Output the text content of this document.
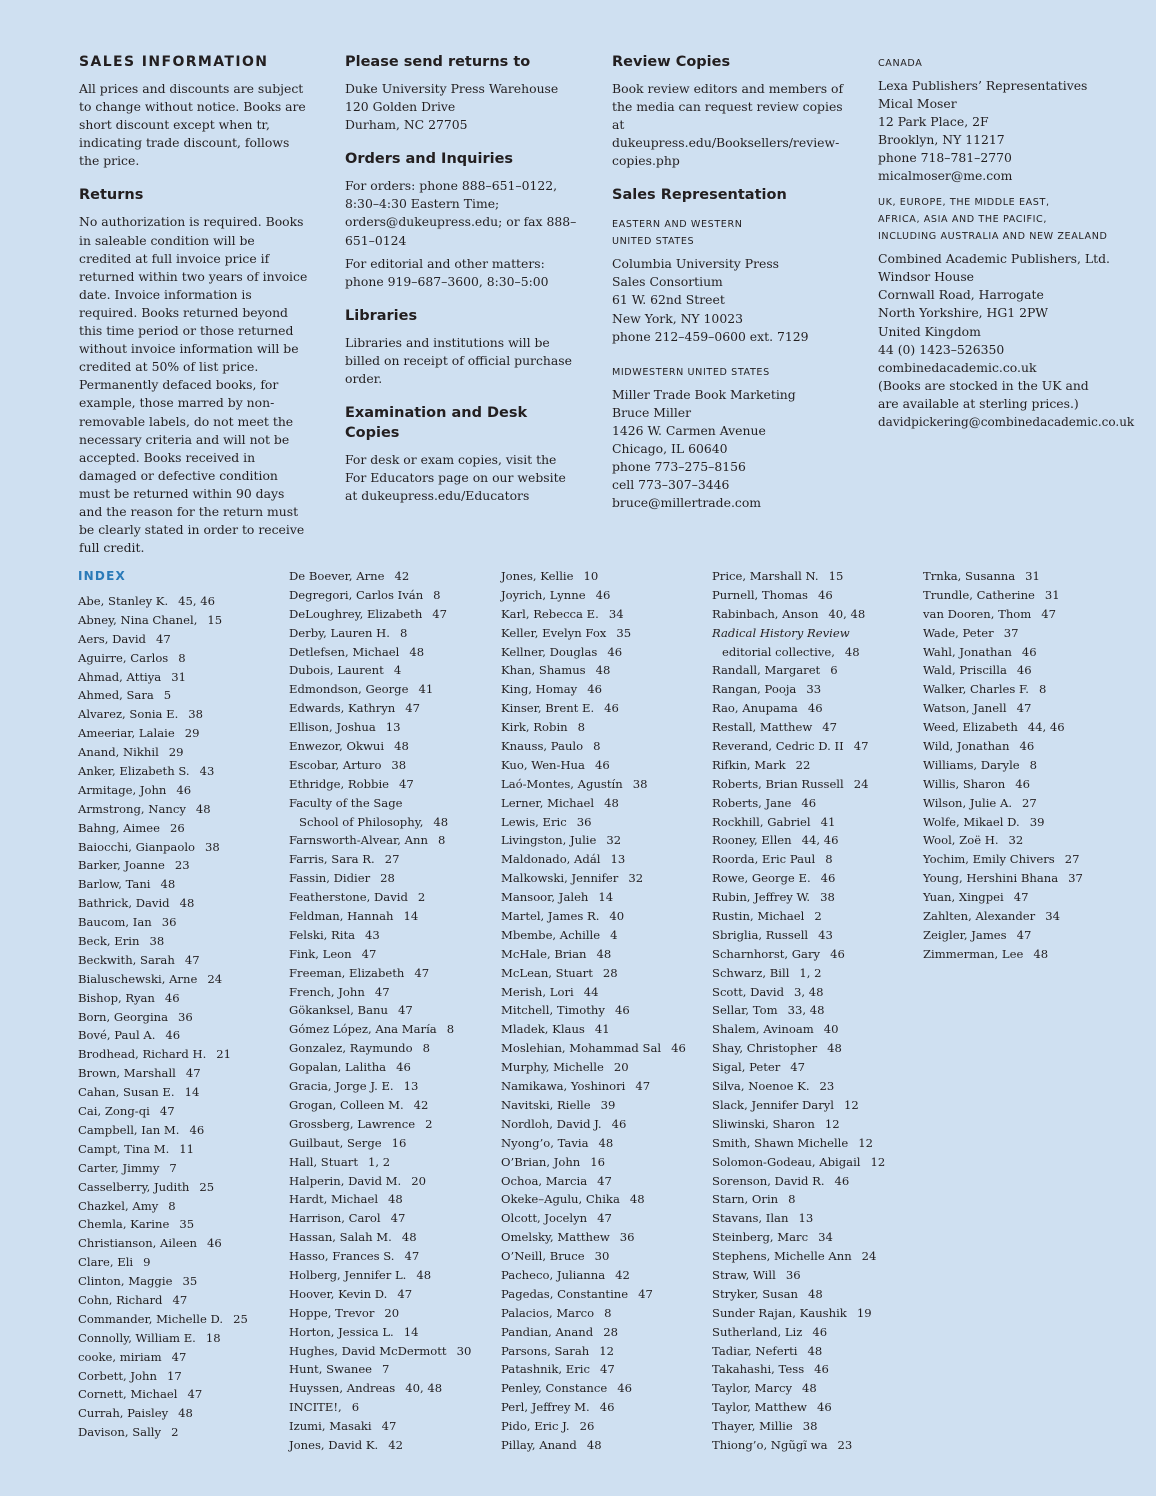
SALES INFORMATION

All prices and discounts are subject to change without notice. Books are short discount except when tr, indicating trade discount, follows the price.

Returns

No authorization is required. Books in saleable condition will be credited at full invoice price if returned within two years of invoice date. Invoice information is required. Books returned beyond this time period or those returned without invoice information will be credited at 50% of list price. Permanently defaced books, for example, those marred by non-removable labels, do not meet the necessary criteria and will not be accepted. Books received in damaged or defective condition must be returned within 90 days and the reason for the return must be clearly stated in order to receive full credit.

Please send returns to

Duke University Press Warehouse

120 Golden Drive

Durham, NC 27705

Orders and Inquiries

For orders: phone 888–651–0122, 8:30–4:30 Eastern Time; orders@dukeupress.edu; or fax 888–651–0124

For editorial and other matters: phone 919–687–3600, 8:30–5:00

Libraries

Libraries and institutions will be billed on receipt of official purchase order.

Examination and Desk Copies

For desk or exam copies, visit the For Educators page on our website at dukeupress.edu/Educators

Review Copies

Book review editors and members of the media can request review copies at dukeupress.edu/Booksellers/review-copies.php

Sales Representation
EASTERN AND WESTERN
UNITED STATES

Columbia University Press

Sales Consortium

61 W. 62nd Street

New York, NY 10023

phone 212–459–0600 ext. 7129

MIDWESTERN UNITED STATES

Miller Trade Book Marketing

Bruce Miller

1426 W. Carmen Avenue

Chicago, IL 60640

phone 773–275–8156

cell 773–307–3446

bruce@millertrade.com

CANADA

Lexa Publishers’ Representatives

Mical Moser

12 Park Place, 2F

Brooklyn, NY 11217

phone 718–781–2770

micalmoser@me.com

UK, EUROPE, THE MIDDLE EAST,
AFRICA, ASIA AND THE PACIFIC,
INCLUDING AUSTRALIA AND NEW ZEALAND

Combined Academic Publishers, Ltd.

Windsor House

Cornwall Road, Harrogate

North Yorkshire, HG1 2PW

United Kingdom

44 (0) 1423–526350

combinedacademic.co.uk

(Books are stocked in the UK and

are available at sterling prices.)

davidpickering@combinedacademic.co.uk

INDEX
Abe, Stanley K. 45, 46
Abney, Nina Chanel, 15
Aers, David 47
Aguirre, Carlos 8
Ahmad, Attiya 31
Ahmed, Sara 5
Alvarez, Sonia E. 38
Ameeriar, Lalaie 29
Anand, Nikhil 29
Anker, Elizabeth S. 43
Armitage, John 46
Armstrong, Nancy 48
Bahng, Aimee 26
Baiocchi, Gianpaolo 38
Barker, Joanne 23
Barlow, Tani 48
Bathrick, David 48
Baucom, Ian 36
Beck, Erin 38
Beckwith, Sarah 47
Bialuschewski, Arne 24
Bishop, Ryan 46
Born, Georgina 36
Bové, Paul A. 46
Brodhead, Richard H. 21
Brown, Marshall 47
Cahan, Susan E. 14
Cai, Zong-qi 47
Campbell, Ian M. 46
Campt, Tina M. 11
Carter, Jimmy 7
Casselberry, Judith 25
Chazkel, Amy 8
Chemla, Karine 35
Christianson, Aileen 46
Clare, Eli 9
Clinton, Maggie 35
Cohn, Richard 47
Commander, Michelle D. 25
Connolly, William E. 18
cooke, miriam 47
Corbett, John 17
Cornett, Michael 47
Currah, Paisley 48
Davison, Sally 2
De Boever, Arne 42
Degregori, Carlos Iván 8
DeLoughrey, Elizabeth 47
Derby, Lauren H. 8
Detlefsen, Michael 48
Dubois, Laurent 4
Edmondson, George 41
Edwards, Kathryn 47
Ellison, Joshua 13
Enwezor, Okwui 48
Escobar, Arturo 38
Ethridge, Robbie 47
Faculty of the Sage
School of Philosophy, 48
Farnsworth-Alvear, Ann 8
Farris, Sara R. 27
Fassin, Didier 28
Featherstone, David 2
Feldman, Hannah 14
Felski, Rita 43
Fink, Leon 47
Freeman, Elizabeth 47
French, John 47
Gökanksel, Banu 47
Gómez López, Ana María 8
Gonzalez, Raymundo 8
Gopalan, Lalitha 46
Gracia, Jorge J. E. 13
Grogan, Colleen M. 42
Grossberg, Lawrence 2
Guilbaut, Serge 16
Hall, Stuart 1, 2
Halperin, David M. 20
Hardt, Michael 48
Harrison, Carol 47
Hassan, Salah M. 48
Hasso, Frances S. 47
Holberg, Jennifer L. 48
Hoover, Kevin D. 47
Hoppe, Trevor 20
Horton, Jessica L. 14
Hughes, David McDermott 30
Hunt, Swanee 7
Huyssen, Andreas 40, 48
INCITE!, 6
Izumi, Masaki 47
Jones, David K. 42
Jones, Kellie 10
Joyrich, Lynne 46
Karl, Rebecca E. 34
Keller, Evelyn Fox 35
Kellner, Douglas 46
Khan, Shamus 48
King, Homay 46
Kinser, Brent E. 46
Kirk, Robin 8
Knauss, Paulo 8
Kuo, Wen-Hua 46
Laó-Montes, Agustín 38
Lerner, Michael 48
Lewis, Eric 36
Livingston, Julie 32
Maldonado, Adál 13
Malkowski, Jennifer 32
Mansoor, Jaleh 14
Martel, James R. 40
Mbembe, Achille 4
McHale, Brian 48
McLean, Stuart 28
Merish, Lori 44
Mitchell, Timothy 46
Mladek, Klaus 41
Moslehian, Mohammad Sal 46
Murphy, Michelle 20
Namikawa, Yoshinori 47
Navitski, Rielle 39
Nordloh, David J. 46
Nyong’o, Tavia 48
O’Brian, John 16
Ochoa, Marcia 47
Okeke–Agulu, Chika 48
Olcott, Jocelyn 47
Omelsky, Matthew 36
O’Neill, Bruce 30
Pacheco, Julianna 42
Pagedas, Constantine 47
Palacios, Marco 8
Pandian, Anand 28
Parsons, Sarah 12
Patashnik, Eric 47
Penley, Constance 46
Perl, Jeffrey M. 46
Pido, Eric J. 26
Pillay, Anand 48
Price, Marshall N. 15
Purnell, Thomas 46
Rabinbach, Anson 40, 48
Radical History Review
editorial collective, 48
Randall, Margaret 6
Rangan, Pooja 33
Rao, Anupama 46
Restall, Matthew 47
Reverand, Cedric D. II 47
Rifkin, Mark 22
Roberts, Brian Russell 24
Roberts, Jane 46
Rockhill, Gabriel 41
Rooney, Ellen 44, 46
Roorda, Eric Paul 8
Rowe, George E. 46
Rubin, Jeffrey W. 38
Rustin, Michael 2
Sbriglia, Russell 43
Scharnhorst, Gary 46
Schwarz, Bill 1, 2
Scott, David 3, 48
Sellar, Tom 33, 48
Shalem, Avinoam 40
Shay, Christopher 48
Sigal, Peter 47
Silva, Noenoe K. 23
Slack, Jennifer Daryl 12
Sliwinski, Sharon 12
Smith, Shawn Michelle 12
Solomon-Godeau, Abigail 12
Sorenson, David R. 46
Starn, Orin 8
Stavans, Ilan 13
Steinberg, Marc 34
Stephens, Michelle Ann 24
Straw, Will 36
Stryker, Susan 48
Sunder Rajan, Kaushik 19
Sutherland, Liz 46
Tadiar, Neferti 48
Takahashi, Tess 46
Taylor, Marcy 48
Taylor, Matthew 46
Thayer, Millie 38
Thiong’o, Ngũgĩ wa 23
Trnka, Susanna 31
Trundle, Catherine 31
van Dooren, Thom 47
Wade, Peter 37
Wahl, Jonathan 46
Wald, Priscilla 46
Walker, Charles F. 8
Watson, Janell 47
Weed, Elizabeth 44, 46
Wild, Jonathan 46
Williams, Daryle 8
Willis, Sharon 46
Wilson, Julie A. 27
Wolfe, Mikael D. 39
Wool, Zoë H. 32
Yochim, Emily Chivers 27
Young, Hershini Bhana 37
Yuan, Xingpei 47
Zahlten, Alexander 34
Zeigler, James 47
Zimmerman, Lee 48
